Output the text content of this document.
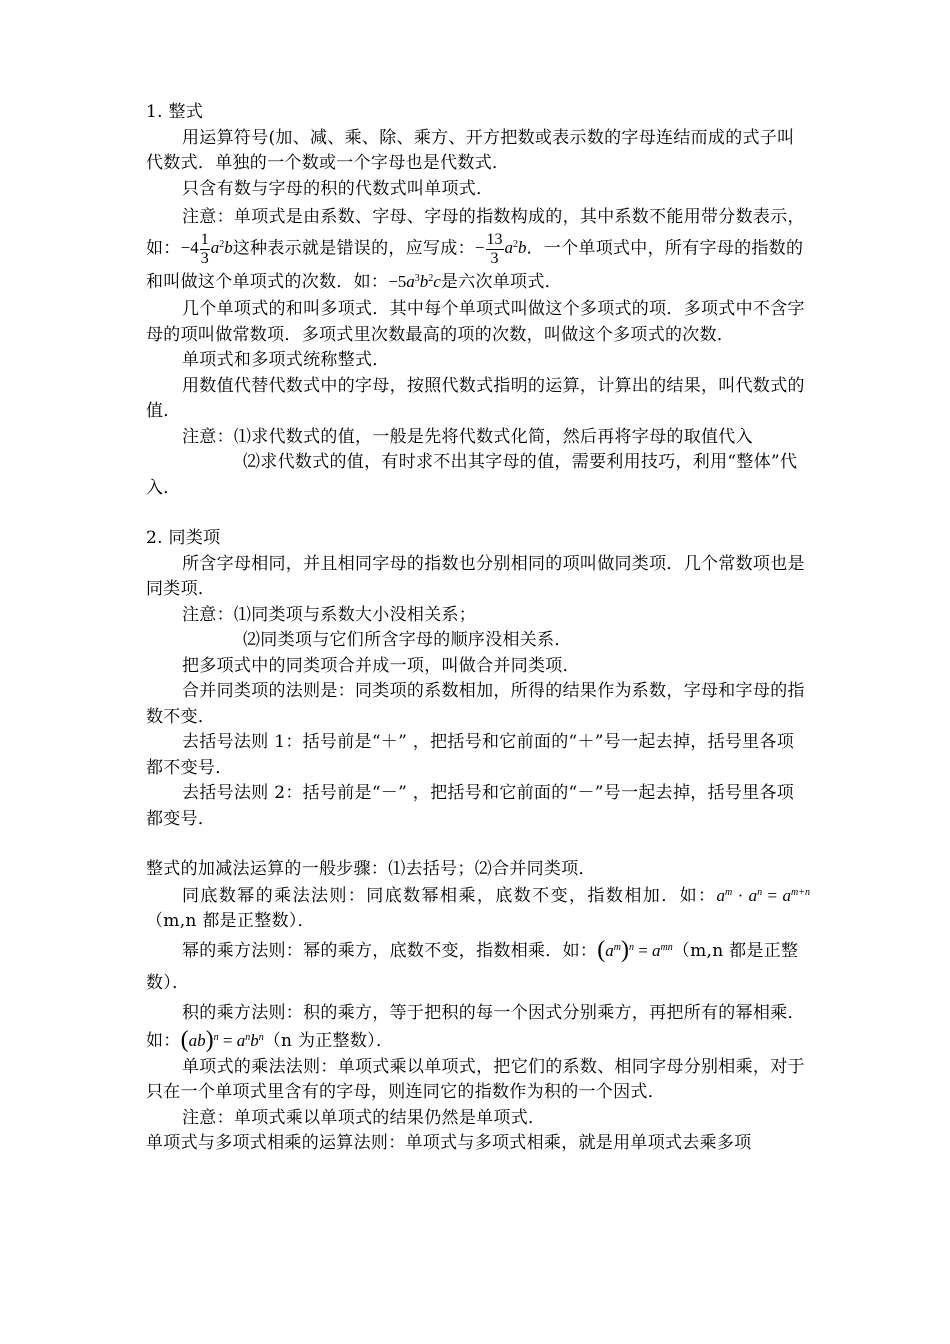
1. 整式

用运算符号(加、减、乘、除、乘方、开方把数或表示数的字母连结而成的式子叫代数式．单独的一个数或一个字母也是代数式．

只含有数与字母的积的代数式叫单项式．

注意：单项式是由系数、字母、字母的指数构成的，其中系数不能用带分数表示，如：$-4 \frac{1}{3} a^2b$这种表示就是错误的，应写成：− $\frac{13}{3} a^2b$．一个单项式中，所有字母的指数的和叫做这个单项式的次数．如：$-5a^3b^2c$是六次单项式．

几个单项式的和叫多项式．其中每个单项式叫做这个多项式的项．多项式中不含字母的项叫做常数项．多项式里次数最高的项的次数，叫做这个多项式的次数．

单项式和多项式统称整式．

用数值代替代数式中的字母，按照代数式指明的运算，计算出的结果，叫代数式的值．

注意：⑴求代数式的值，一般是先将代数式化简，然后再将字母的取值代入

⑵求代数式的值，有时求不出其字母的值，需要利用技巧，利用“整体”代入．

2. 同类项

所含字母相同，并且相同字母的指数也分别相同的项叫做同类项．几个常数项也是同类项．

注意：⑴同类项与系数大小没相关系；

⑵同类项与它们所含字母的顺序没相关系．

把多项式中的同类项合并成一项，叫做合并同类项．

合并同类项的法则是：同类项的系数相加，所得的结果作为系数，字母和字母的指数不变．

去括号法则 1：括号前是“＋” ，把括号和它前面的“＋”号一起去掉，括号里各项都不变号．

去括号法则 2：括号前是“－” ，把括号和它前面的“－”号一起去掉，括号里各项都变号．

整式的加减法运算的一般步骤：⑴去括号；⑵合并同类项．

同底数幂的乘法法则：同底数幂相乘，底数不变，指数相加．如：$a^m \cdot a^n = a^{m+n}(m,n$ 都是正整数）．

幂的乘方法则：幂的乘方，底数不变，指数相乘．如：$(a^m)^n = a^{mn}(m,n$ 都是正整数）．

积的乘方法则：积的乘方，等于把积的每一个因式分别乘方，再把所有的幂相乘．如：$(ab)^n = a^nb^n(n$ 为正整数）．

单项式的乘法法则：单项式乘以单项式，把它们的系数、相同字母分别相乘，对于只在一个单项式里含有的字母，则连同它的指数作为积的一个因式．

注意：单项式乘以单项式的结果仍然是单项式．

单项式与多项式相乘的运算法则：单项式与多项式相乘，就是用单项式去乘多项
